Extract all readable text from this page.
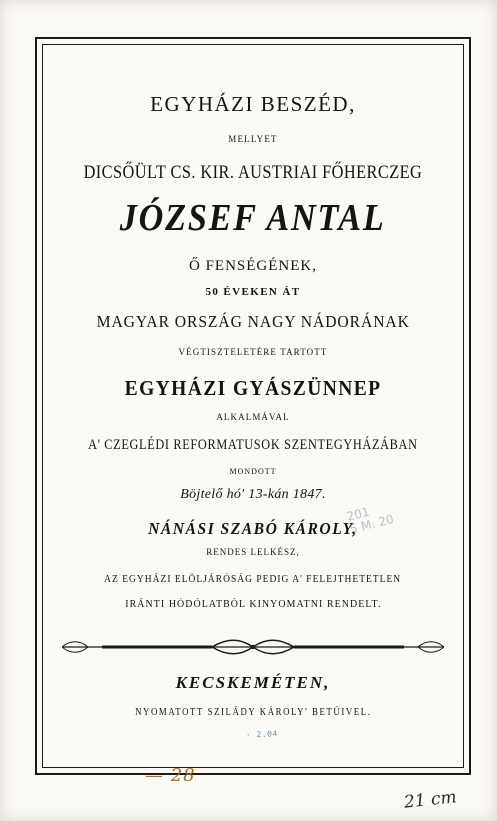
EGYHÁZI BESZÉD,
MELLYET
DICSŐÜLT CS. KIR. AUSTRIAI FŐHERCZEG
JÓZSEF ANTAL
Ő FENSÉGÉNEK,
50 ÉVEKEN ÁT
MAGYAR ORSZÁG NAGY NÁDORÁNAK
VÉGTISZTELETÉRE TARTOTT
EGYHÁZI GYÁSZÜNNEP
ALKALMÁVAL
A' CZEGLÉDI REFORMATUSOK SZENTEGYHÁZÁBAN
MONDOTT
Böjtelő hó' 13-kán 1847.
NÁNÁSI SZABÓ KÁROLY,
RENDES LELKÉSZ,
AZ EGYHÁZI ELÖLJÁRÓSÁG PEDIG A' FELEJTHETETLEN
IRÁNTI HÓDÓLATBÓL KINYOMATNI RENDELT.
KECSKEMÉTEN,
NYOMATOTT SZILÁDY KÁROLY' BETŰIVEL.
201
5 M. 20
· 2.04
— 28
21 cm
